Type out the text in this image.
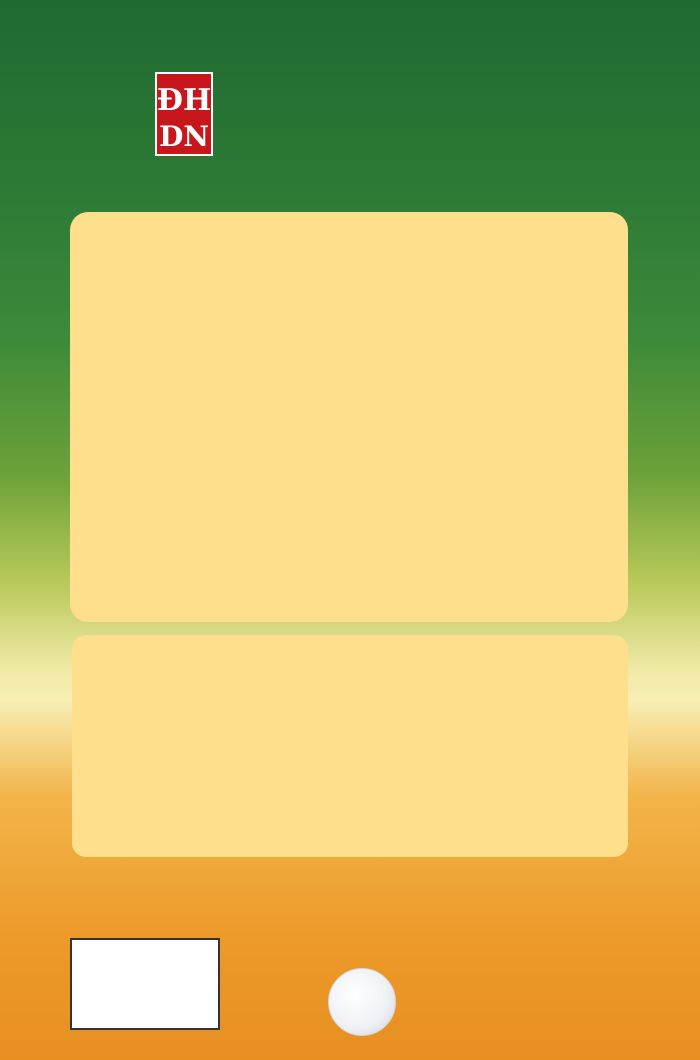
ĐH
DN
